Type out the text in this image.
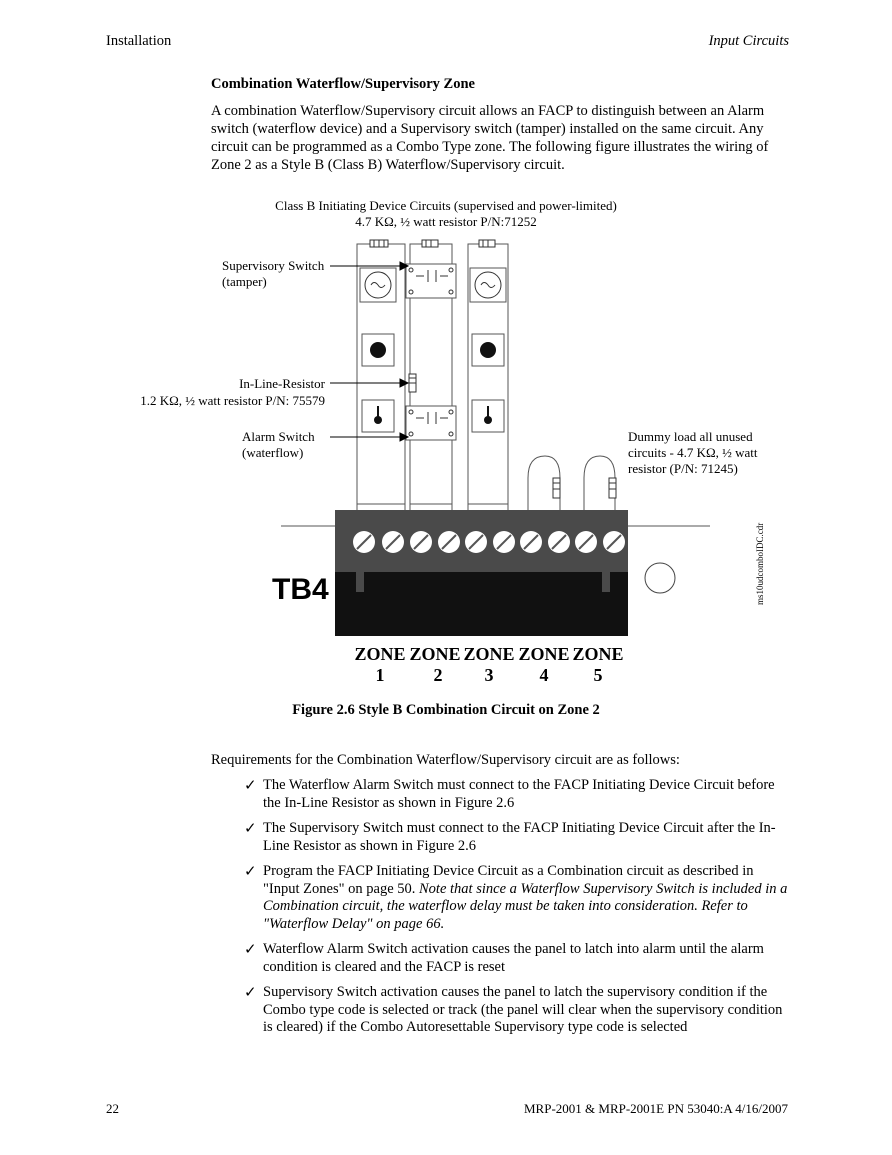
Installation	Input Circuits
Combination Waterflow/Supervisory Zone
A combination Waterflow/Supervisory circuit allows an FACP to distinguish between an Alarm switch (waterflow device) and a Supervisory switch (tamper) installed on the same circuit. Any circuit can be programmed as a Combo Type zone. The following figure illustrates the wiring of Zone 2 as a Style B (Class B) Waterflow/Supervisory circuit.
Class B Initiating Device Circuits (supervised and power-limited)
4.7 KΩ, ½ watt resistor P/N:71252
Supervisory Switch
(tamper)
In-Line-Resistor
1.2 KΩ, ½ watt resistor P/N: 75579
Alarm Switch
(waterflow)
Dummy load all unused
circuits - 4.7 KΩ, ½ watt
resistor (P/N: 71245)
TB4	ms10udcomboIDC.cdr
ZONE
1
ZONE
2
ZONE
3
ZONE
4
ZONE
5
Figure 2.6 Style B Combination Circuit on Zone 2
Requirements for the Combination Waterflow/Supervisory circuit are as follows:
✓ The Waterflow Alarm Switch must connect to the FACP Initiating Device Circuit before the In-Line Resistor as shown in Figure 2.6
✓ The Supervisory Switch must connect to the FACP Initiating Device Circuit after the In-Line Resistor as shown in Figure 2.6
✓ Program the FACP Initiating Device Circuit as a Combination circuit as described in "Input Zones" on page 50. Note that since a Waterflow Supervisory Switch is included in a Combination circuit, the waterflow delay must be taken into consideration. Refer to "Waterflow Delay" on page 66.
✓ Waterflow Alarm Switch activation causes the panel to latch into alarm until the alarm condition is cleared and the FACP is reset
✓ Supervisory Switch activation causes the panel to latch the supervisory condition if the Combo type code is selected or track (the panel will clear when the supervisory condition is cleared) if the Combo Autoresettable Supervisory type code is selected
22	MRP-2001 & MRP-2001E PN 53040:A 4/16/2007
